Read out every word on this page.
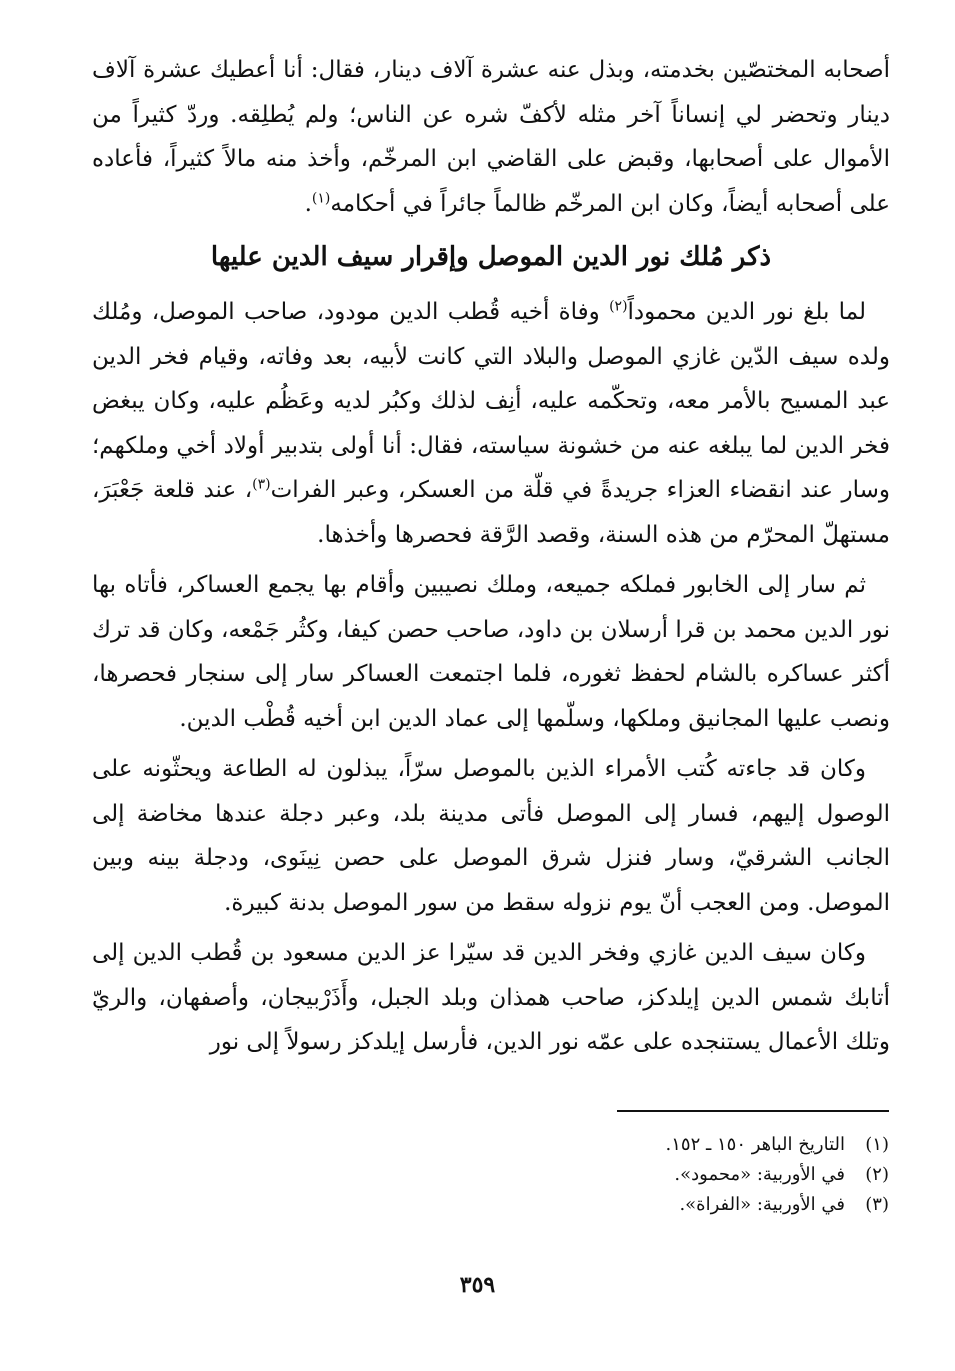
أصحابه المختصّين بخدمته، وبذل عنه عشرة آلاف دينار، فقال: أنا أعطيك عشرة آلاف دينار وتحضر لي إنساناً آخر مثله لأكفّ شره عن الناس؛ ولم يُطلِقه. وردّ كثيراً من الأموال على أصحابها، وقبض على القاضي ابن المرخّم، وأخذ منه مالاً كثيراً، فأعاده على أصحابه أيضاً، وكان ابن المرخّم ظالماً جائراً في أحكامه$^{(١)}$.

ذكر مُلك نور الدين الموصل وإقرار سيف الدين عليها

لما بلغ نور الدين محموداً$^{(٢)}$ وفاة أخيه قُطب الدين مودود، صاحب الموصل، ومُلك ولده سيف الدّين غازي الموصل والبلاد التي كانت لأبيه، بعد وفاته، وقيام فخر الدين عبد المسيح بالأمر معه، وتحكّمه عليه، أنِف لذلك وكبُر لديه وعَظُم عليه، وكان يبغض فخر الدين لما يبلغه عنه من خشونة سياسته، فقال: أنا أولى بتدبير أولاد أخي وملكهم؛ وسار عند انقضاء العزاء جريدةً في قلّة من العسكر، وعبر الفرات$^{(٣)}$، عند قلعة جَعْبَرَ، مستهلّ المحرّم من هذه السنة، وقصد الرَّقة فحصرها وأخذها.

ثم سار إلى الخابور فملكه جميعه، وملك نصيبين وأقام بها يجمع العساكر، فأتاه بها نور الدين محمد بن قرا أرسلان بن داود، صاحب حصن كيفا، وكثُر جَمْعه، وكان قد ترك أكثر عساكره بالشام لحفظ ثغوره، فلما اجتمعت العساكر سار إلى سنجار فحصرها، ونصب عليها المجانيق وملكها، وسلّمها إلى عماد الدين ابن أخيه قُطْب الدين.

وكان قد جاءته كُتب الأمراء الذين بالموصل سرّاً، يبذلون له الطاعة ويحثّونه على الوصول إليهم، فسار إلى الموصل فأتى مدينة بلد، وعبر دجلة عندها مخاضة إلى الجانب الشرقيّ، وسار فنزل شرق الموصل على حصن نِينَوى، ودجلة بينه وبين الموصل. ومن العجب أنّ يوم نزوله سقط من سور الموصل بدنة كبيرة.

وكان سيف الدين غازي وفخر الدين قد سيّرا عز الدين مسعود بن قُطب الدين إلى أتابك شمس الدين إيلدكز، صاحب همذان وبلد الجبل، وأَذَرْبيجان، وأصفهان، والريّ وتلك الأعمال يستنجده على عمّه نور الدين، فأرسل إيلدكز رسولاً إلى نور

(١)
التاريخ الباهر ١٥٠ ـ ١٥٢.
(٢)
في الأوربية: «محمود».
(٣)
في الأوربية: «الفراة».
٣٥٩
